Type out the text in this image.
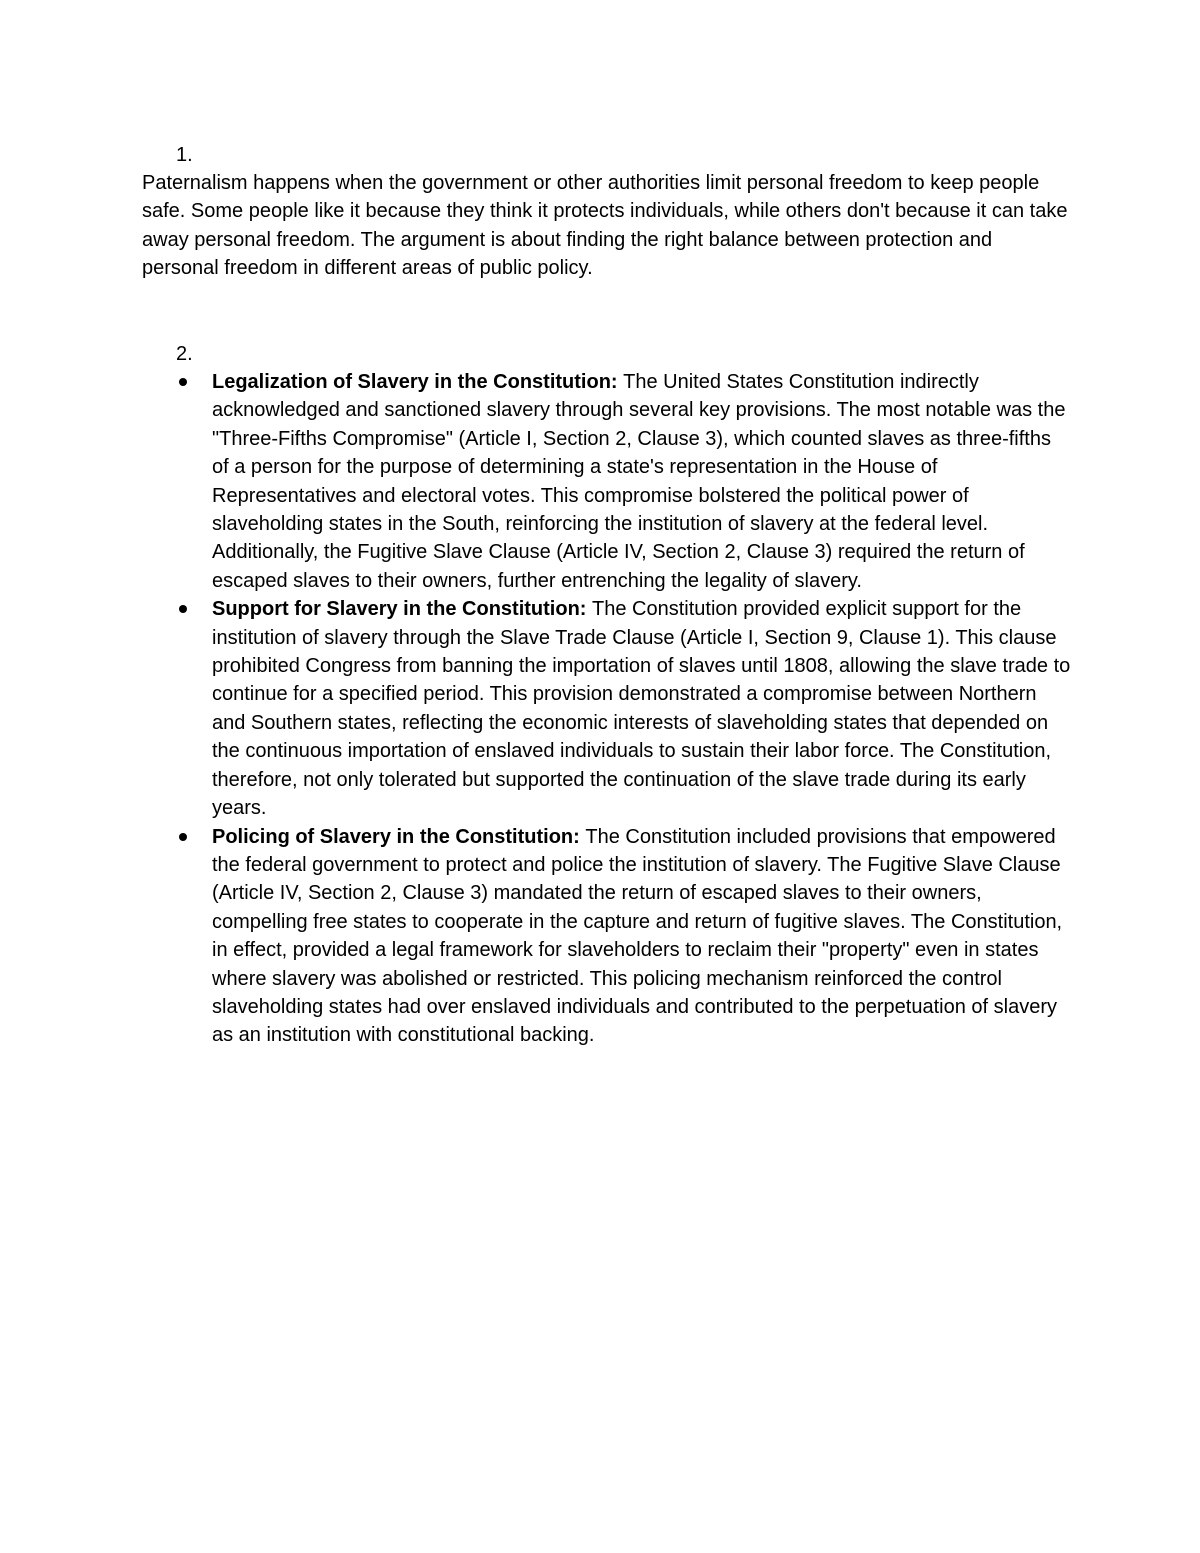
1.

Paternalism happens when the government or other authorities limit personal freedom to keep people safe. Some people like it because they think it protects individuals, while others don't because it can take away personal freedom. The argument is about finding the right balance between protection and personal freedom in different areas of public policy.

2.
Legalization of Slavery in the Constitution: The United States Constitution indirectly acknowledged and sanctioned slavery through several key provisions. The most notable was the "Three-Fifths Compromise" (Article I, Section 2, Clause 3), which counted slaves as three-fifths of a person for the purpose of determining a state's representation in the House of Representatives and electoral votes. This compromise bolstered the political power of slaveholding states in the South, reinforcing the institution of slavery at the federal level. Additionally, the Fugitive Slave Clause (Article IV, Section 2, Clause 3) required the return of escaped slaves to their owners, further entrenching the legality of slavery.
Support for Slavery in the Constitution: The Constitution provided explicit support for the institution of slavery through the Slave Trade Clause (Article I, Section 9, Clause 1). This clause prohibited Congress from banning the importation of slaves until 1808, allowing the slave trade to continue for a specified period. This provision demonstrated a compromise between Northern and Southern states, reflecting the economic interests of slaveholding states that depended on the continuous importation of enslaved individuals to sustain their labor force. The Constitution, therefore, not only tolerated but supported the continuation of the slave trade during its early years.
Policing of Slavery in the Constitution: The Constitution included provisions that empowered the federal government to protect and police the institution of slavery. The Fugitive Slave Clause (Article IV, Section 2, Clause 3) mandated the return of escaped slaves to their owners, compelling free states to cooperate in the capture and return of fugitive slaves. The Constitution, in effect, provided a legal framework for slaveholders to reclaim their "property" even in states where slavery was abolished or restricted. This policing mechanism reinforced the control slaveholding states had over enslaved individuals and contributed to the perpetuation of slavery as an institution with constitutional backing.
